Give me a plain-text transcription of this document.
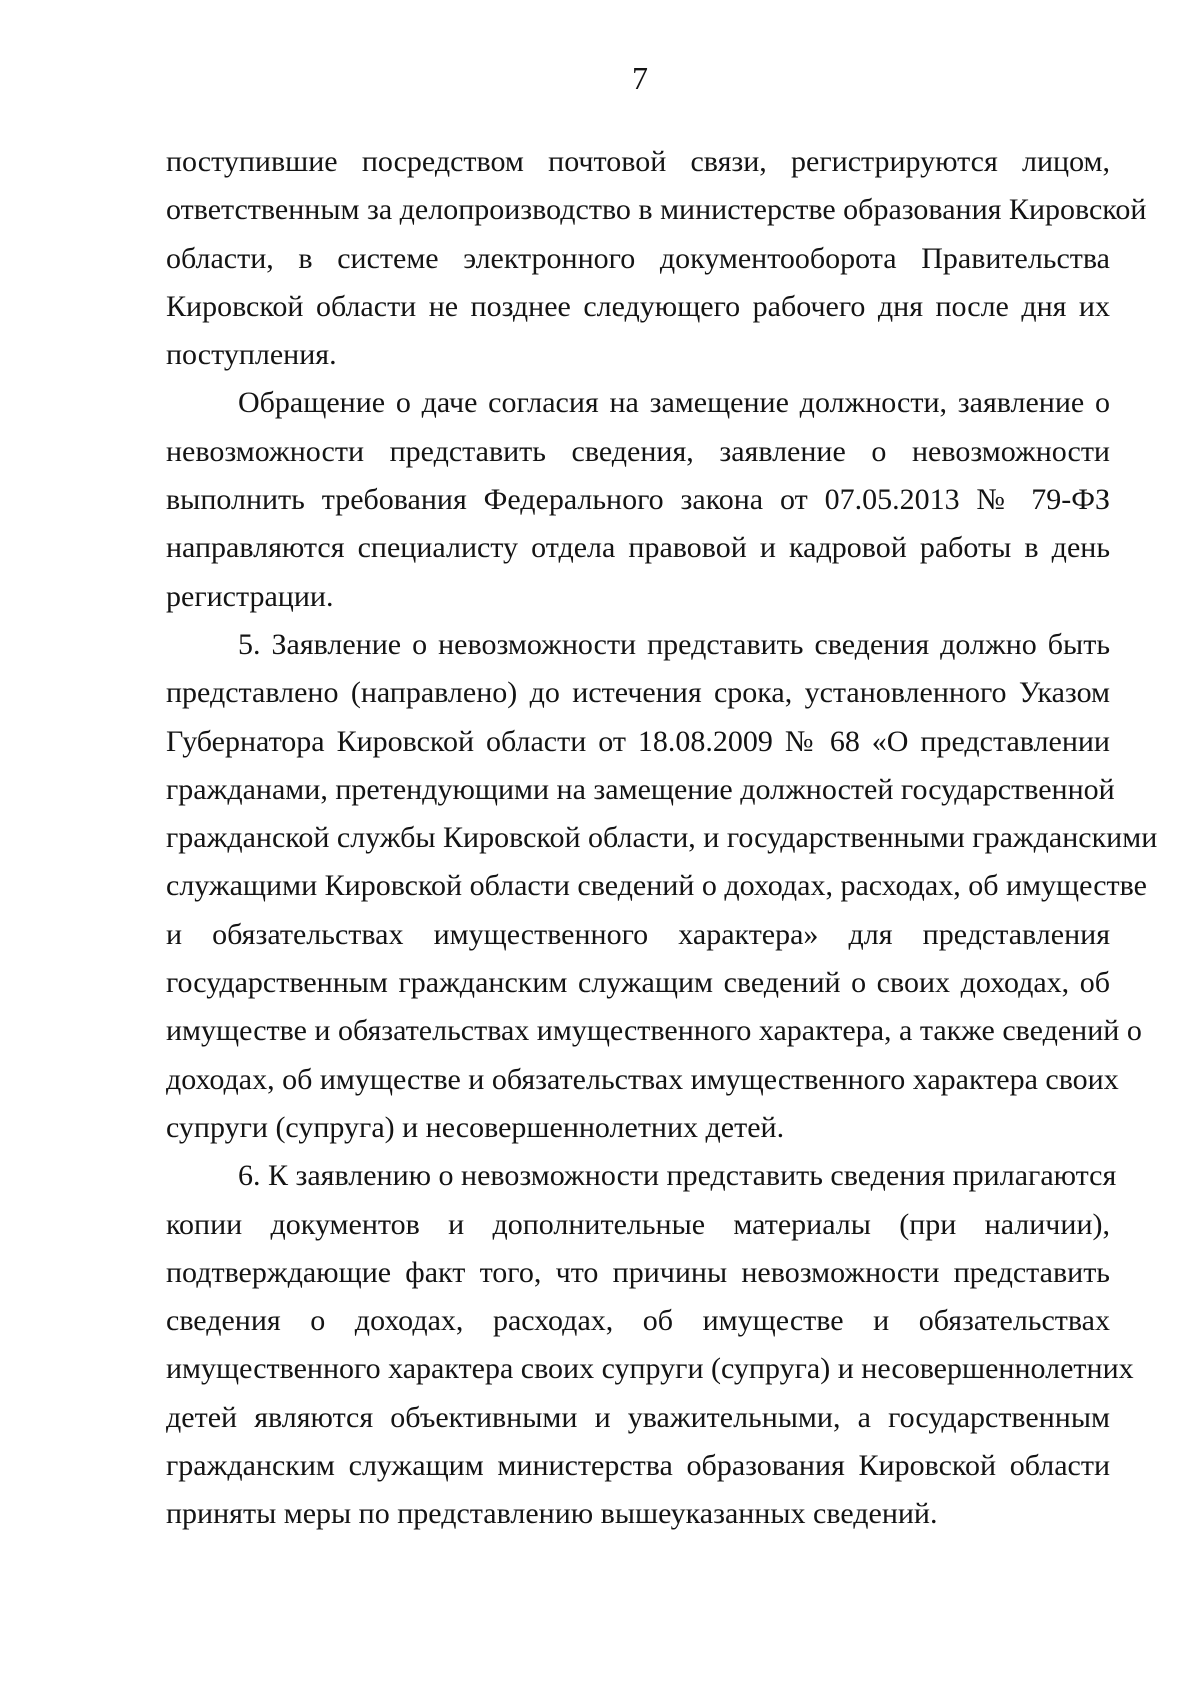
7
поступившие посредством почтовой связи, регистрируются лицом,
ответственным за делопроизводство в министерстве образования Кировской
области, в системе электронного документооборота Правительства
Кировской области не позднее следующего рабочего дня после дня их
поступления.
Обращение о даче согласия на замещение должности, заявление о
невозможности представить сведения, заявление о невозможности
выполнить требования Федерального закона от 07.05.2013 № 79-ФЗ
направляются специалисту отдела правовой и кадровой работы в день
регистрации.
5. Заявление о невозможности представить сведения должно быть
представлено (направлено) до истечения срока, установленного Указом
Губернатора Кировской области от 18.08.2009 № 68 «О представлении
гражданами, претендующими на замещение должностей государственной
гражданской службы Кировской области, и государственными гражданскими
служащими Кировской области сведений о доходах, расходах, об имуществе
и обязательствах имущественного характера» для представления
государственным гражданским служащим сведений о своих доходах, об
имуществе и обязательствах имущественного характера, а также сведений о
доходах, об имуществе и обязательствах имущественного характера своих
супруги (супруга) и несовершеннолетних детей.
6. К заявлению о невозможности представить сведения прилагаются
копии документов и дополнительные материалы (при наличии),
подтверждающие факт того, что причины невозможности представить
сведения о доходах, расходах, об имуществе и обязательствах
имущественного характера своих супруги (супруга) и несовершеннолетних
детей являются объективными и уважительными, а государственным
гражданским служащим министерства образования Кировской области
приняты меры по представлению вышеуказанных сведений.
